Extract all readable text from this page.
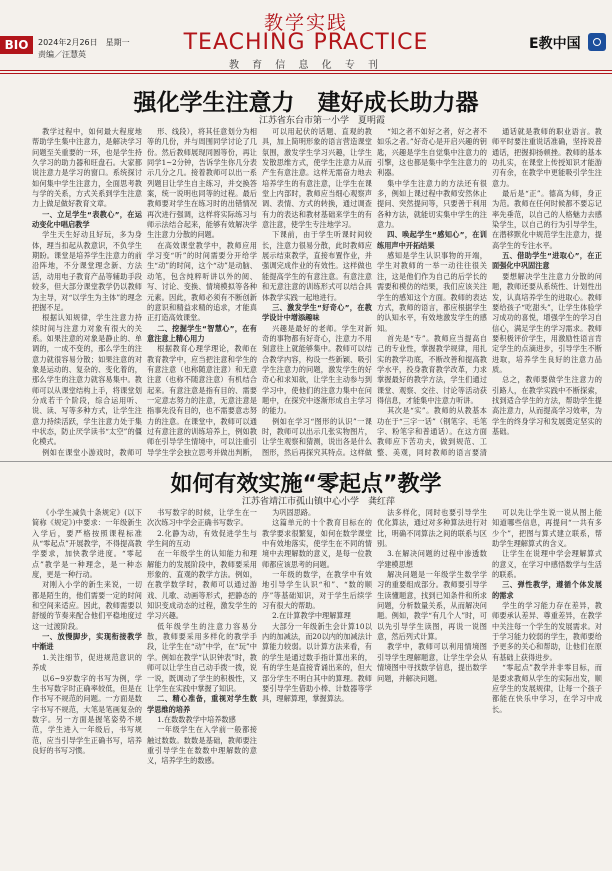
教学实践
TEACHING PRACTICE
教 育 信 息 化 专 刊
BIO	2024年2月26日　星期一
责编／汪慧英
E教中国
强化学生注意力　建好成长助力器
江苏省东台市第一小学　夏明霞

教学过程中，如何最大程度地帮助学生集中注意力，是解决学习问题至关重要的一环，也是学生持久学习的助力器和旺盘石。大家都说注意力是学习的窗口。系统探讨如何集中学生注意力，全面思考教与学的关系，方式关系到学生注意力上做足做好教育文章。

一、立足学生“表教心”，在运动变化中唱启教学

学生天生好动且好玩，多为身体，理当扣起从教意识，不负学生期盼。课堂是培养学生注意力的前沿阵地，不分课堂理念新、方法活，动用电子教育产品等辅助手段较多，但大部分课堂教学仍以教师为主导，对“以学生为主体”的理念把握不足。

根据认知规律，学生注意力持续时间与注意力对象有很大的关系。如果注意的对象是静止的、单调的，一成不变的，那么学生的注意力就很容易分散；如果注意的对象是运动的、复杂的、变化着的，那么学生的注意力就容易集中。教师可以从课堂结构上手，将课堂划分成若干个阶段，综合运用听、说、读、写等多种方式，让学生注意力持续活跃，学生注意力处于集中状态，防止厌学读书“太空”的僵化模式。

例如在课堂小游戏时，教师可

形、线段），将其任意划分为相等的几份，并与周围同学讨论了几份。然后教师展现同圆等份，再让同学1~2分钟，告诉学生你几分表示几分之几。接着教师可以出一系列题目让学生自主练习，并交换答案，统一说明也同等的过程。最后教师要对学生在练习时的出错情况再次进行强调，这样将实际练习与师示法结合起来，能够有效解决学生注意力分散的问题。

在高效课堂教学中，教师应用学习变“听”的时间需要分开给学生“动”的时间，这个“动”是动脑、动笔，包含纯粹听讲以外的阅、写、讨论、变换、情境模拟等各种元素。因此，教师必须有不断创新的意识和精益求精的追求，才能真正打造高效课堂。

二、挖掘学生“智慧心”，在有意注意上精心用力

根据教育心理学理论，教师在教育教学中，应当把注意和学生的有意注意（也称随意注意）和无意注意（也称不随意注意）有机结合起来。有意注意是指有目的、需要一定意志努力的注意，无意注意是指事先没有目的，也不需要意志努力的注意。在课堂中，教师可以通过有意注意的训练培养上，例如教师在引导学生情境中，可以注重引导学生学会独立思考并做出判断，

可以用起伏的话题、直观的教具，加上简明形象的语言营造课堂氛围，激发学生学习兴趣，让学生发散思维方式，使学生注意力从而产生有意注意。这样无需奋力地去培养学生的有意注意，让学生在课堂上内部时，教师应当细心观察声调、表情、方式的转换，通过调查有力的表达和教材基础来学生的有意注意，使学生专注地学习。

下课前，由于学生听课时间较长，注意力很易分散，此时教师应展示结束教学，直接布置作业，并强调完成作业的有效性。这样做也能提高学生的有意注意。有意注意和无意注意的训练形式可以结合具体教学实践一起地进行。

三、激发学生“好奇心”，在教学设计中增添趣味

兴趣是最好的老师。学生对新奇的事物都有好奇心，注意力不用刻意往上就能够集中。教师可以结合教学内容，构设一些新颖、吸引学生注意力的问题，激发学生的好奇心和求知欲，让学生主动参与到学习中，使他们的注意力集中在问题中，在探究中逐渐形成自主学习的能力。

例如在学习“图形的认识”一课时，教师可以出示几张实物图片，让学生观察和猜测，说出各是什么图形，然后再探究其特点。这样做

“知之者不如好之者，好之者不如乐之者。”好奇心是开启兴趣的钥匙，兴趣是学生自觉集中注意力的引擎，这也都是集中学生注意力的利器。

集中学生注意力的方法还有很多，例如上课过程中教师安然休止提问、突然提问等，只要善于利用各种方法，就能切实集中学生的注意力。

四、唤起学生“感知心”，在训练用声中开拓结果

感知是学生认识事物的开端，学生对教师的一举一动往往很关注，这是他们作为自己的后学长的需要和模仿的结果，我们应该关注学生的感知这个方面。教师的表达方式，教师的语言，都应根据学生的认知水平，有效地激发学生的感知。

首先是“专”。教师应当提高自己的专业性，掌握教学规律，用扎实的教学功底，不断改善和提高教学水平，投身教育教学改革，力求掌握最好的教学方法，学生们通过课堂、观察、交往、讨论等活动获得信息，才能集中注意力听讲。

其次是“实”。教师的从教基本功在于“三字一话”（钢笔字、毛笔字、粉笔字和普通话）。在这方面教师应下苦功夫，做到规范、工整、美观，同时教师的语言要清

通话就是教师的职业语言。教师平时要注重说话准确，坚持说普通话，把握抑扬顿挫。教师的基本功扎实，在课堂上传授知识才能游刃有余，在教学中更能吸引学生注意力。

最后是“正”。德高为师，身正为范。教师在任何时候都不要忘记率先垂范，以自己的人格魅力去感染学生，以自己的行为引导学生，在潜移默化中规范学生注意力，提高学生的专注水平。

五、借助学生“进取心”，在正面强化中巩固注意

要想解决学生注意力分散的问题，教师还要从系统性、计划性出发，认真培养学生的进取心。教师要给孩子“吃甜头”，让学生体验学习成功的喜悦，增强学生的学习自信心，满足学生的学习需求。教师要积极评价学生，用激励性语言肯定学生的点滴进步，引导学生不断进取，培养学生良好的注意力品质。

总之，教师要做学生注意力的引路人，在教学实践中不断探索，找到适合学生的方法，帮助学生提高注意力，从而提高学习效率，为学生的终身学习和发展奠定坚实的基础。

如何有效实施“零起点”教学
江苏省靖江市孤山镇中心小学　龚红萍

《小学生减负十条规定》(以下简称《规定》)中要求：一年级新生入学后，要严格按照课程标准从“零起点”开展教学，不得提高教学要求，加快教学进度。“零起点”教学是一种理念，是一种态度，更是一种行动。

对刚入小学的新生来说，一切都是陌生的，他们需要一定的时间和空间来适应。因此，教师需要以舒缓的节奏来配合他们平稳地度过这一过渡阶段。

一、放慢脚步，实现衔接教学中渐进

1.关注细节，促进规范意识的养成

以6~9岁数字的书写为例，学生书写数字时正确率较低，但是在作书写不规范的问题。一方面是数字书写不规范，大笔是笔画复杂的数字。另一方面是握笔姿势不规范，学生进入一年级后，书写规范，应当引导学生正确书写，培养良好的书写习惯。

书写数字的时候，让学生在一次次练习中学会正确书写数字。

2.化静为动，有效促进学生与学生间的互动

在一年级学生的认知能力和理解能力的发展阶段中，教师要采用形象的、直观的教学方法。例如，在教学数学时，教师可以通过游戏、儿歌、动画等形式，把静态的知识变成动态的过程，激发学生的学习兴趣。

低年级学生的注意力容易分散，教师要采用多样化的教学手段，让学生在“动”中学，在“玩”中学。例如在教学“认识钟表”时，教师可以让学生自己动手拨一拨，说一说，既调动了学生的积极性，又让学生在实践中掌握了知识。

二、精心准备，重视对学生数学思维的培养

1.在数数教学中培养数感

一年级学生在入学前一般都接触过数数。数数是基础，教师要注重引导学生在数数中理解数的意义，培养学生的数感。

为巩固思路。

这篇单元的十个教育目标在的教学要求很繁复，如何在数学课堂中有效地落实，使学生在不同的情境中去理解数的意义，是每一位教师都应该思考的问题。

一年级的数学，在教学中有效地引导学生认识“和”、“数的顺序”等基础知识，对于学生后续学习有很大的帮助。

2.在计算教学中理解算理

大部分一年级新生会计算10以内的加减法，而20以内的加减法计算能力较弱。以计算方法来看，有的学生是通过数手指计算出来的，有的学生是直接背诵出来的，但大部分学生不明白其中的算理。教师要引导学生借助小棒、计数器等学具，理解算理，掌握算法。

法多样化，同时也要引导学生优化算法，通过对多种算法进行对比，明确不同算法之间的联系与区别。

3.在解决问题的过程中渗透数学建模思想

解决问题是一年级学生数学学习的重要组成部分。教师要引导学生读懂题意，找到已知条件和所求问题，分析数量关系，从而解决问题。例如，教学“有几个人”时，可以先引导学生读图，再说一说图意，然后列式计算。

教学中，教师可以利用情境图引导学生理解题意，让学生学会从情境图中寻找数学信息，提出数学问题，并解决问题。

可以先让学生说一说从图上能知道哪些信息，再提问“一共有多少个”，把图与算式建立联系，帮助学生理解算式的含义。

让学生在说理中学会理解算式的意义，在学习中感悟数学与生活的联系。

三、弹性教学，遵循个体发展的需求

学生的学习能力存在差异，教师要承认差异、尊重差异，在教学中关注每一个学生的发展需求。对于学习能力较弱的学生，教师要给予更多的关心和帮助，让他们在原有基础上获得进步。

“零起点”教学并非零目标，而是要求教师从学生的实际出发，顺应学生的发展规律，让每一个孩子都能在快乐中学习，在学习中成长。
